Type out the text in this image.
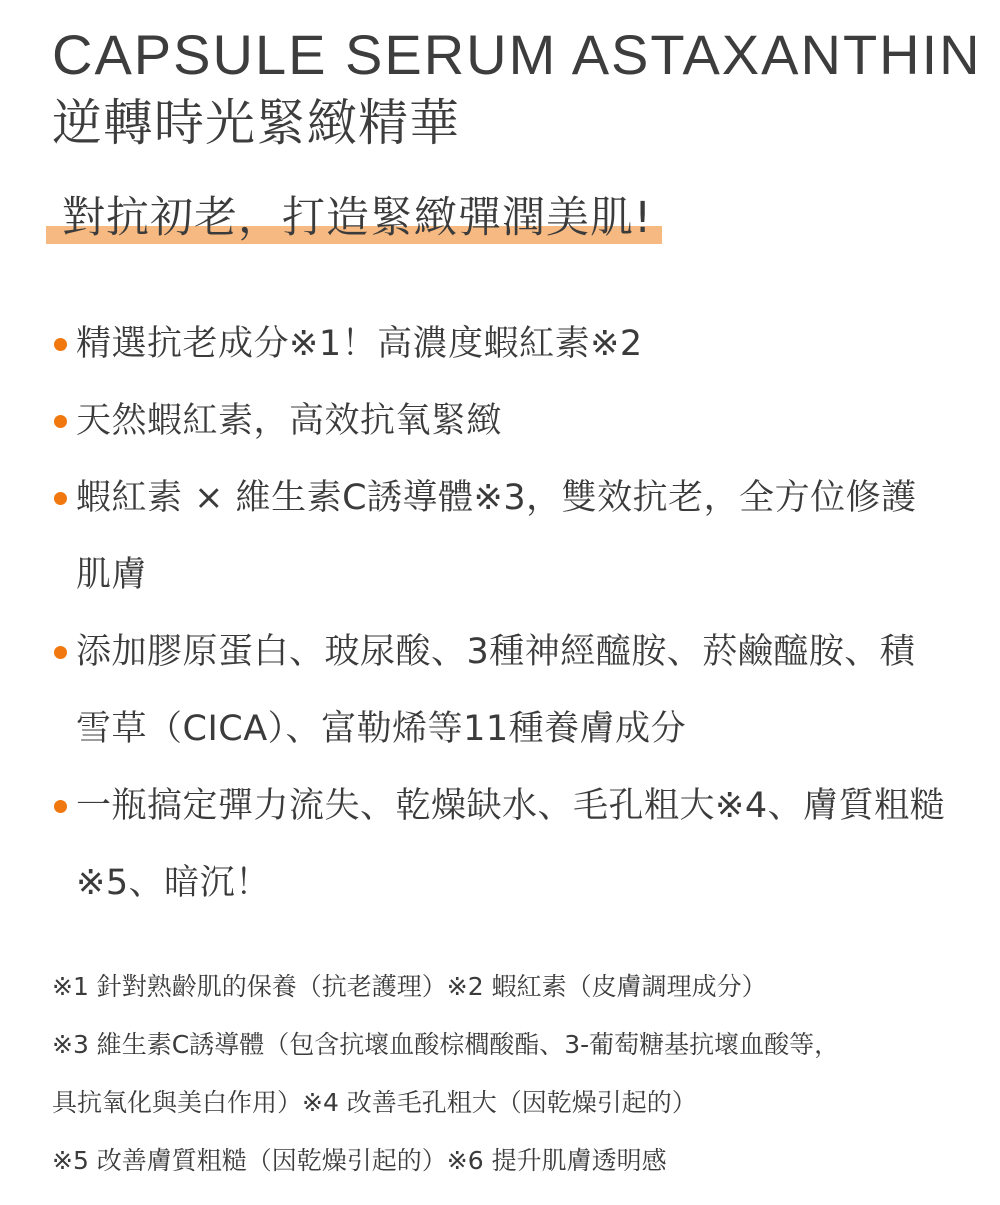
CAPSULE SERUM ASTAXANTHIN
逆轉時光緊緻精華
對抗初老，打造緊緻彈潤美肌!
精選抗老成分※1！高濃度蝦紅素※2
天然蝦紅素，高效抗氧緊緻
蝦紅素 × 維生素C誘導體※3，雙效抗老，全方位修護肌膚
添加膠原蛋白、玻尿酸、3種神經醯胺、菸鹼醯胺、積雪草（CICA）、富勒烯等11種養膚成分
一瓶搞定彈力流失、乾燥缺水、毛孔粗大※4、膚質粗糙※5、暗沉！
※1 針對熟齡肌的保養（抗老護理）※2 蝦紅素（皮膚調理成分）
※3 維生素C誘導體（包含抗壞血酸棕櫚酸酯、3-葡萄糖基抗壞血酸等，
具抗氧化與美白作用）※4 改善毛孔粗大（因乾燥引起的）
※5 改善膚質粗糙（因乾燥引起的）※6 提升肌膚透明感
